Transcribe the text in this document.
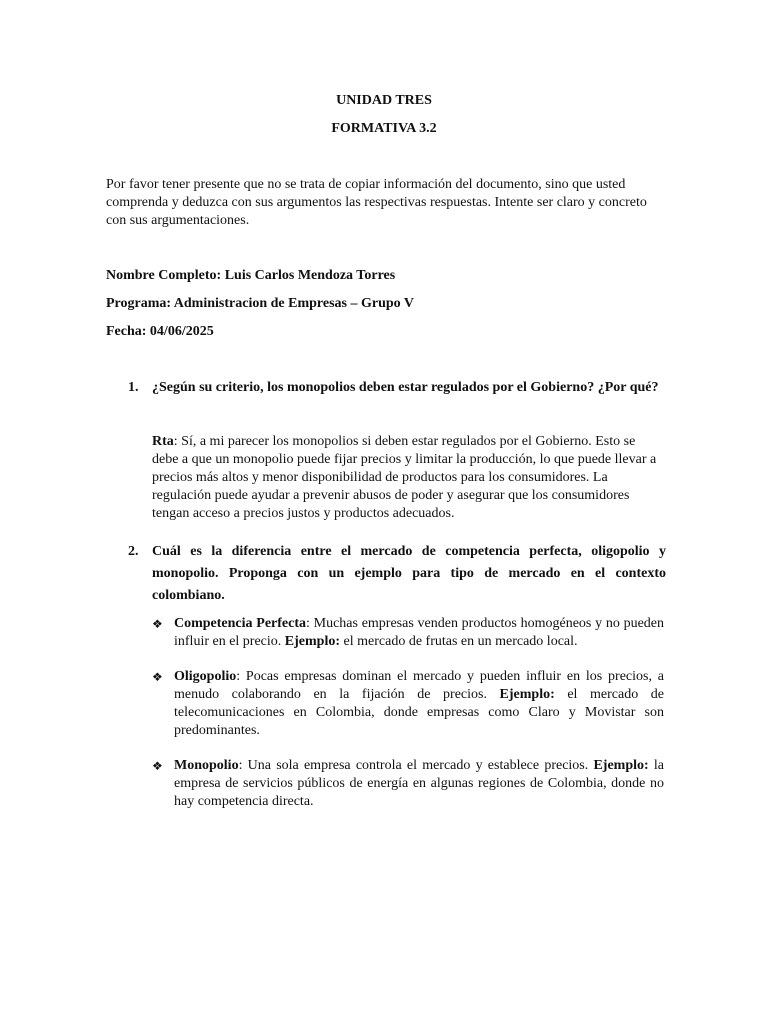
UNIDAD TRES
FORMATIVA 3.2
Por favor tener presente que no se trata de copiar información del documento, sino que usted comprenda y deduzca con sus argumentos las respectivas respuestas. Intente ser claro y concreto con sus argumentaciones.
Nombre Completo: Luis Carlos Mendoza Torres
Programa: Administracion de Empresas – Grupo V
Fecha: 04/06/2025
1. ¿Según su criterio, los monopolios deben estar regulados por el Gobierno? ¿Por qué?
Rta: Sí, a mi parecer los monopolios si deben estar regulados por el Gobierno. Esto se debe a que un monopolio puede fijar precios y limitar la producción, lo que puede llevar a precios más altos y menor disponibilidad de productos para los consumidores. La regulación puede ayudar a prevenir abusos de poder y asegurar que los consumidores tengan acceso a precios justos y productos adecuados.
2. Cuál es la diferencia entre el mercado de competencia perfecta, oligopolio y monopolio. Proponga con un ejemplo para tipo de mercado en el contexto colombiano.
❖ Competencia Perfecta: Muchas empresas venden productos homogéneos y no pueden influir en el precio. Ejemplo: el mercado de frutas en un mercado local.
❖ Oligopolio: Pocas empresas dominan el mercado y pueden influir en los precios, a menudo colaborando en la fijación de precios. Ejemplo: el mercado de telecomunicaciones en Colombia, donde empresas como Claro y Movistar son predominantes.
❖ Monopolio: Una sola empresa controla el mercado y establece precios. Ejemplo: la empresa de servicios públicos de energía en algunas regiones de Colombia, donde no hay competencia directa.
